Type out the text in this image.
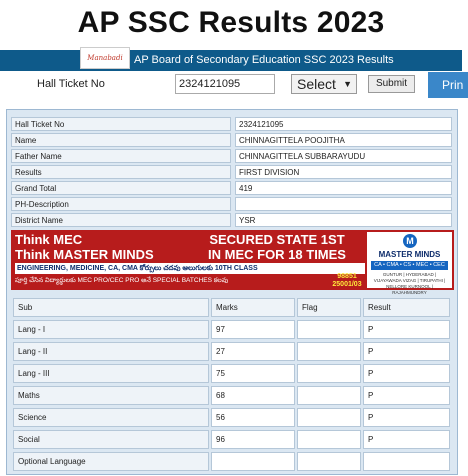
AP SSC Results 2023
Manabadi AP Board of Secondary Education SSC 2023 Results
Hall Ticket No	2324121095	Select ▼	Submit	Prin
Hall Ticket No		2324121095
Name		CHINNAGITTELA POOJITHA
Father Name		CHINNAGITTELA SUBBARAYUDU
Results		FIRST DIVISION
Grand Total		419
PH-Description		
District Name		YSR
Think MEC
Think MASTER MINDS
SECURED STATE 1ST
IN MEC FOR 18 TIMES
ENGINEERING, MEDICINE, CA, CMA కోర్సులు చదవు ఆలుగులకు 10TH CLASS
పూర్తి చేసిన విద్యార్థులకు MEC PRO/CEC PRO అనే SPECIAL BATCHES కలవు
98851
25001/03
M
MASTER MINDS
CA • CMA • CS • MEC • CEC
GUNTUR | HYDERABAD | VIJAYAWADA VIZAG | TIRUPATHI | NELLORE KURNOOL | RAJAHMUNDRY
Sub	Marks	Flag	Result
Lang - I	97		P
Lang - II	27		P
Lang - III	75		P
Maths	68		P
Science	56		P
Social	96		P
Optional Language			
